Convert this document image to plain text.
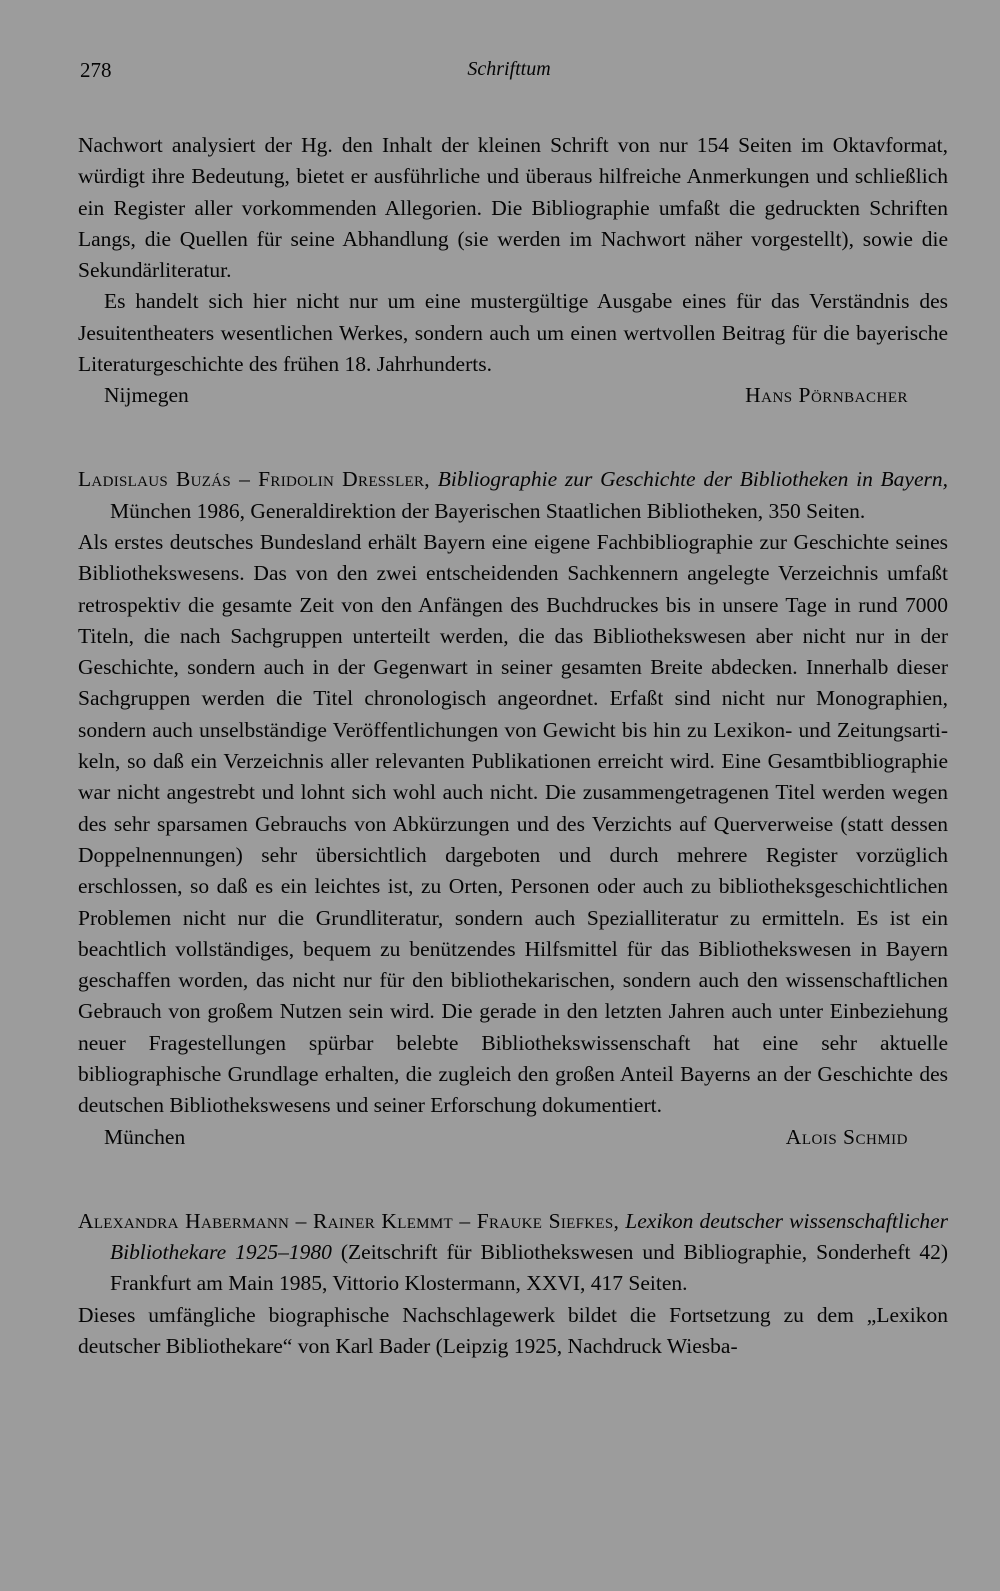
278	Schrifttum

Nachwort analysiert der Hg. den Inhalt der kleinen Schrift von nur 154 Seiten im Oktavformat, würdigt ihre Bedeutung, bietet er ausführliche und überaus hilfreiche Anmerkungen und schließlich ein Register aller vorkommenden Allegorien. Die Bibliographie umfaßt die gedruckten Schriften Langs, die Quellen für seine Abhandlung (sie werden im Nachwort näher vorgestellt), sowie die Sekundärliteratur.

Es handelt sich hier nicht nur um eine mustergültige Ausgabe eines für das Verständnis des Jesuitentheaters wesentlichen Werkes, sondern auch um einen wertvollen Beitrag für die bayerische Literaturgeschichte des frühen 18. Jahrhunderts.

Nijmegen	Hans Pörnbacher

Ladislaus Buzás – Fridolin Dressler, Bibliographie zur Geschichte der Bibliotheken in Bayern, München 1986, Generaldirektion der Bayerischen Staatlichen Bibliotheken, 350 Seiten.

Als erstes deutsches Bundesland erhält Bayern eine eigene Fachbibliographie zur Geschichte seines Bibliothekswesens. Das von den zwei entscheidenden Sachkennern angelegte Verzeichnis umfaßt retrospektiv die gesamte Zeit von den Anfängen des Buchdruckes bis in unsere Tage in rund 7000 Titeln, die nach Sachgruppen unterteilt werden, die das Bibliothekswesen aber nicht nur in der Geschichte, sondern auch in der Gegenwart in seiner gesamten Breite abdecken. Innerhalb dieser Sachgruppen werden die Titel chronologisch angeordnet. Erfaßt sind nicht nur Monographien, sondern auch unselbständige Veröffentlichungen von Gewicht bis hin zu Lexikon- und Zeitungsartikeln, so daß ein Verzeichnis aller relevanten Publikationen erreicht wird. Eine Gesamtbibliographie war nicht angestrebt und lohnt sich wohl auch nicht. Die zusammengetragenen Titel werden wegen des sehr sparsamen Gebrauchs von Abkürzungen und des Verzichts auf Querverweise (statt dessen Doppelnennungen) sehr übersichtlich dargeboten und durch mehrere Register vorzüglich erschlossen, so daß es ein leichtes ist, zu Orten, Personen oder auch zu bibliotheksgeschichtlichen Problemen nicht nur die Grundliteratur, sondern auch Spezialliteratur zu ermitteln. Es ist ein beachtlich vollständiges, bequem zu benützendes Hilfsmittel für das Bibliothekswesen in Bayern geschaffen worden, das nicht nur für den bibliothekarischen, sondern auch den wissenschaftlichen Gebrauch von großem Nutzen sein wird. Die gerade in den letzten Jahren auch unter Einbeziehung neuer Fragestellungen spürbar belebte Bibliothekswissenschaft hat eine sehr aktuelle bibliographische Grundlage erhalten, die zugleich den großen Anteil Bayerns an der Geschichte des deutschen Bibliothekswesens und seiner Erforschung dokumentiert.

München	Alois Schmid

Alexandra Habermann – Rainer Klemmt – Frauke Siefkes, Lexikon deutscher wissenschaftlicher Bibliothekare 1925–1980 (Zeitschrift für Bibliothekswesen und Bibliographie, Sonderheft 42) Frankfurt am Main 1985, Vittorio Klostermann, XXVI, 417 Seiten.

Dieses umfängliche biographische Nachschlagewerk bildet die Fortsetzung zu dem „Lexikon deutscher Bibliothekare“ von Karl Bader (Leipzig 1925, Nachdruck Wiesba-
